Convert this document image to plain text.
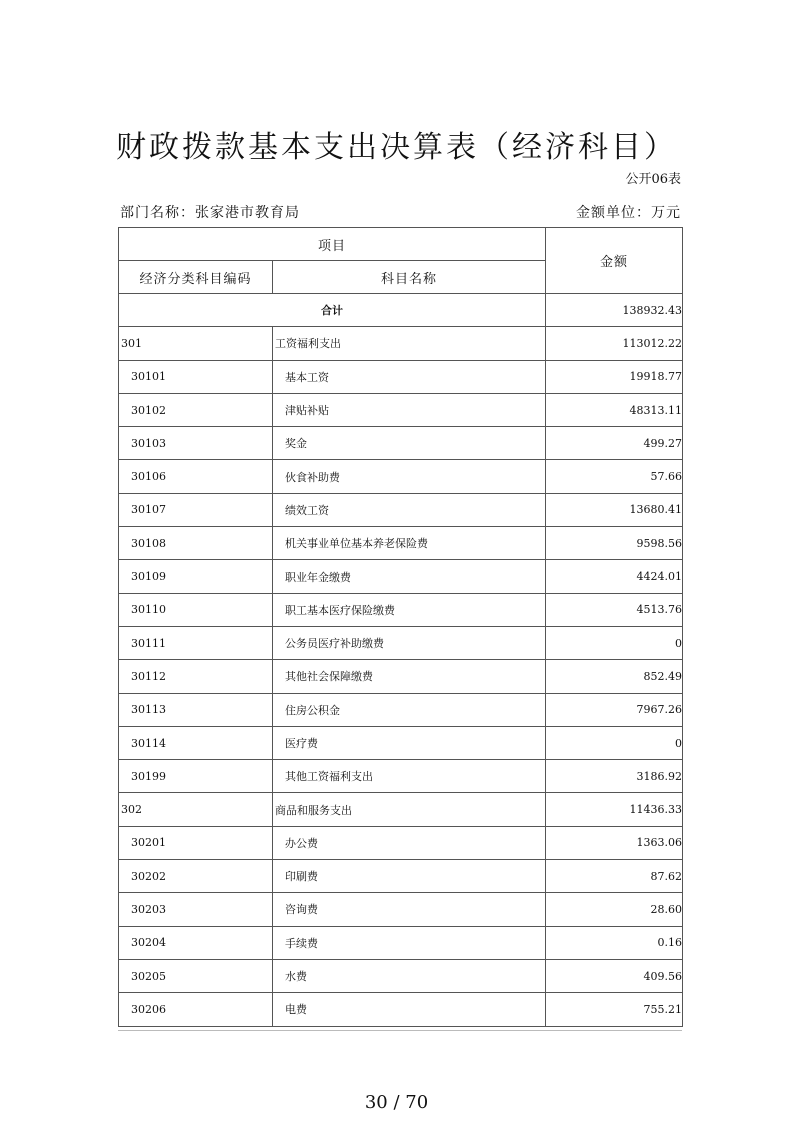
财政拨款基本支出决算表（经济科目）
公开06表
部门名称：张家港市教育局	金额单位：万元
项目		金额
经济分类科目编码	科目名称	
合计		138932.43
301	工资福利支出	113012.22
30101	基本工资	19918.77
30102	津贴补贴	48313.11
30103	奖金	499.27
30106	伙食补助费	57.66
30107	绩效工资	13680.41
30108	机关事业单位基本养老保险费	9598.56
30109	职业年金缴费	4424.01
30110	职工基本医疗保险缴费	4513.76
30111	公务员医疗补助缴费	0
30112	其他社会保障缴费	852.49
30113	住房公积金	7967.26
30114	医疗费	0
30199	其他工资福利支出	3186.92
302	商品和服务支出	11436.33
30201	办公费	1363.06
30202	印刷费	87.62
30203	咨询费	28.60
30204	手续费	0.16
30205	水费	409.56
30206	电费	755.21
30 / 70
